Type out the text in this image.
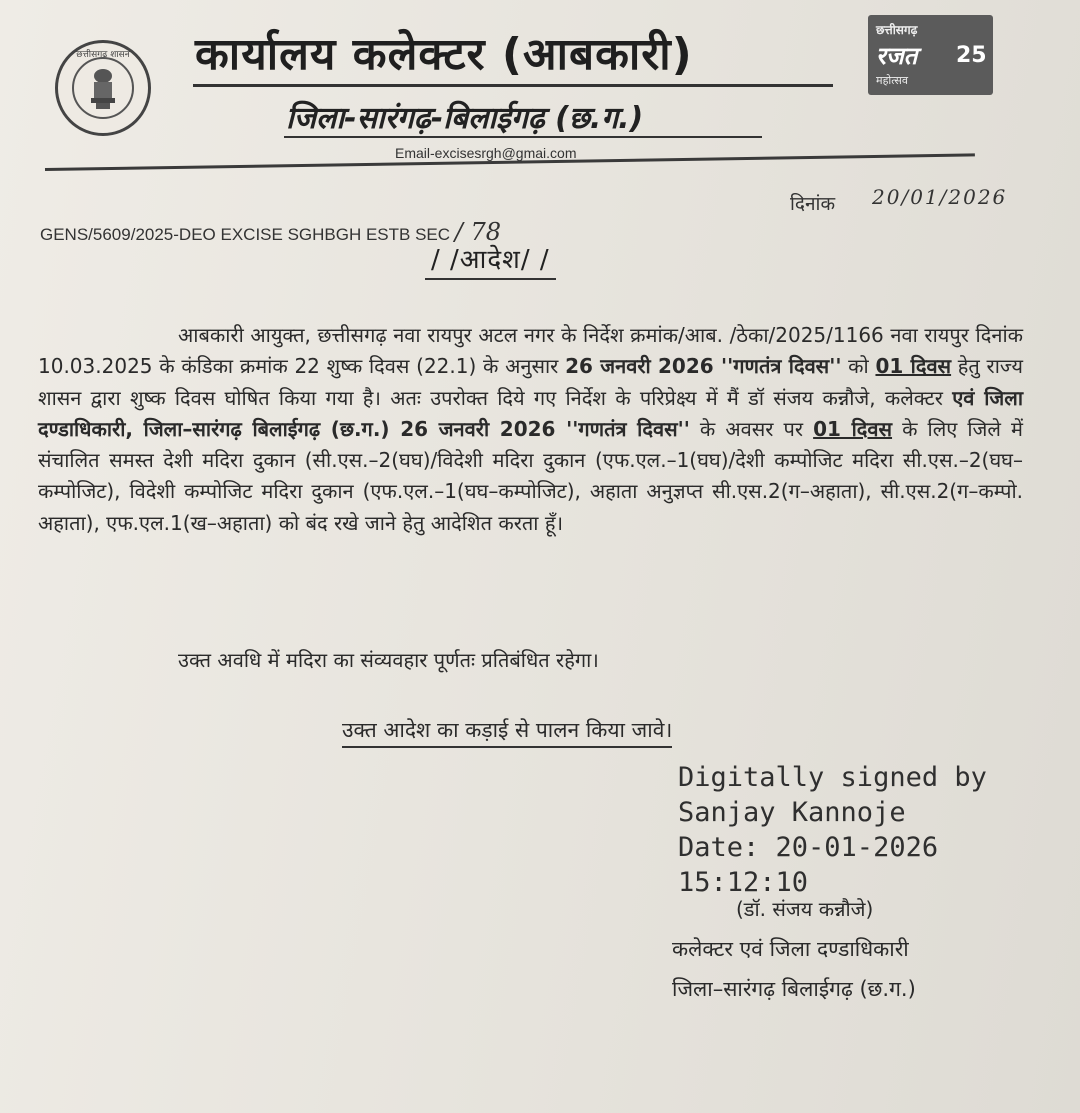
छत्तीसगढ़ शासन	कार्यालय कलेक्टर (आबकारी)
जिला-सारंगढ़-बिलाईगढ़ (छ.ग.)
छत्तीसगढ़
रजत
महोत्सव
25
Email-excisesrgh@gmai.com
दिनांक 20/01/2026
GENS/5609/2025-DEO EXCISE SGHBGH ESTB SEC / 78
/ /आदेश/ /

आबकारी आयुक्त, छत्तीसगढ़ नवा रायपुर अटल नगर के निर्देश क्रमांक/आब. /ठेका/2025/1166 नवा रायपुर दिनांक 10.03.2025 के कंडिका क्रमांक 22 शुष्क दिवस (22.1) के अनुसार 26 जनवरी 2026 ''गणतंत्र दिवस'' को 01 दिवस हेतु राज्य शासन द्वारा शुष्क दिवस घोषित किया गया है। अतः उपरोक्त दिये गए निर्देश के परिप्रेक्ष्य में मैं डॉ संजय कन्नौजे, कलेक्टर एवं जिला दण्डाधिकारी, जिला–सारंगढ़ बिलाईगढ़ (छ.ग.) 26 जनवरी 2026 ''गणतंत्र दिवस'' के अवसर पर 01 दिवस के लिए जिले में संचालित समस्त देशी मदिरा दुकान (सी.एस.–2(घघ)/विदेशी मदिरा दुकान (एफ.एल.–1(घघ)/देशी कम्पोजिट मदिरा सी.एस.–2(घघ–कम्पोजिट), विदेशी कम्पोजिट मदिरा दुकान (एफ.एल.–1(घघ–कम्पोजिट), अहाता अनुज्ञप्त सी.एस.2(ग–अहाता), सी.एस.2(ग–कम्पो. अहाता), एफ.एल.1(ख–अहाता) को बंद रखे जाने हेतु आदेशित करता हूँ।

उक्त अवधि में मदिरा का संव्यवहार पूर्णतः प्रतिबंधित रहेगा।
उक्त आदेश का कड़ाई से पालन किया जावे।
Digitally signed by
Sanjay Kannoje
Date: 20-01-2026
15:12:10
(डॉ. संजय कन्नौजे)
कलेक्टर एवं जिला दण्डाधिकारी
जिला–सारंगढ़ बिलाईगढ़ (छ.ग.)
